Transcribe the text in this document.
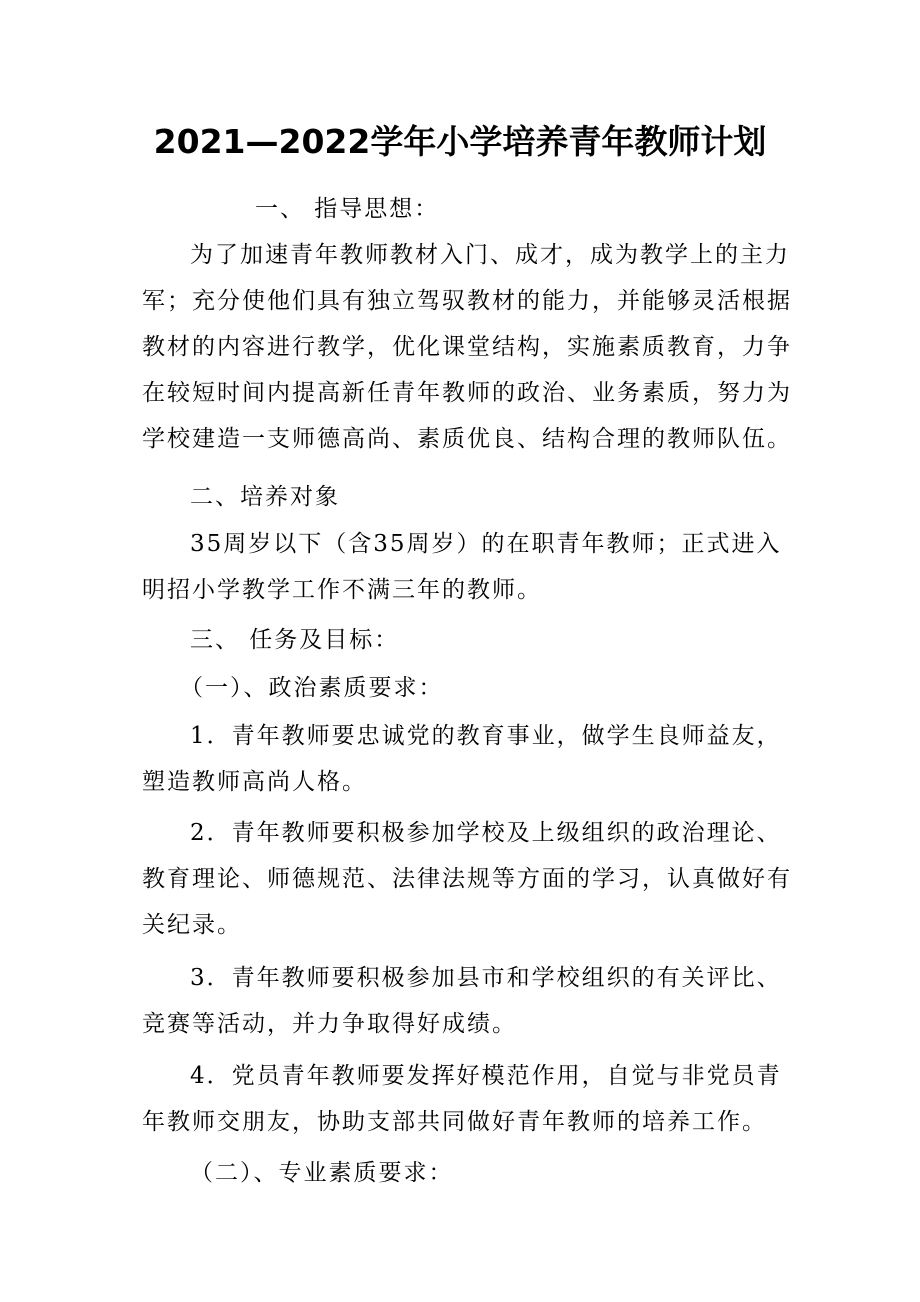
2021—2022学年小学培养青年教师计划
一、 指导思想：
为了加速青年教师教材入门、成才，成为教学上的主力
军；充分使他们具有独立驾驭教材的能力，并能够灵活根据
教材的内容进行教学，优化课堂结构，实施素质教育，力争
在较短时间内提高新任青年教师的政治、业务素质，努力为
学校建造一支师德高尚、素质优良、结构合理的教师队伍。
二、培养对象
35周岁以下（含35周岁）的在职青年教师；正式进入
明招小学教学工作不满三年的教师。
三、 任务及目标：
（一）、政治素质要求：
1．青年教师要忠诚党的教育事业，做学生良师益友，
塑造教师高尚人格。
2．青年教师要积极参加学校及上级组织的政治理论、
教育理论、师德规范、法律法规等方面的学习，认真做好有
关纪录。
3．青年教师要积极参加县市和学校组织的有关评比、
竞赛等活动，并力争取得好成绩。
4．党员青年教师要发挥好模范作用，自觉与非党员青
年教师交朋友，协助支部共同做好青年教师的培养工作。
（二）、专业素质要求：
